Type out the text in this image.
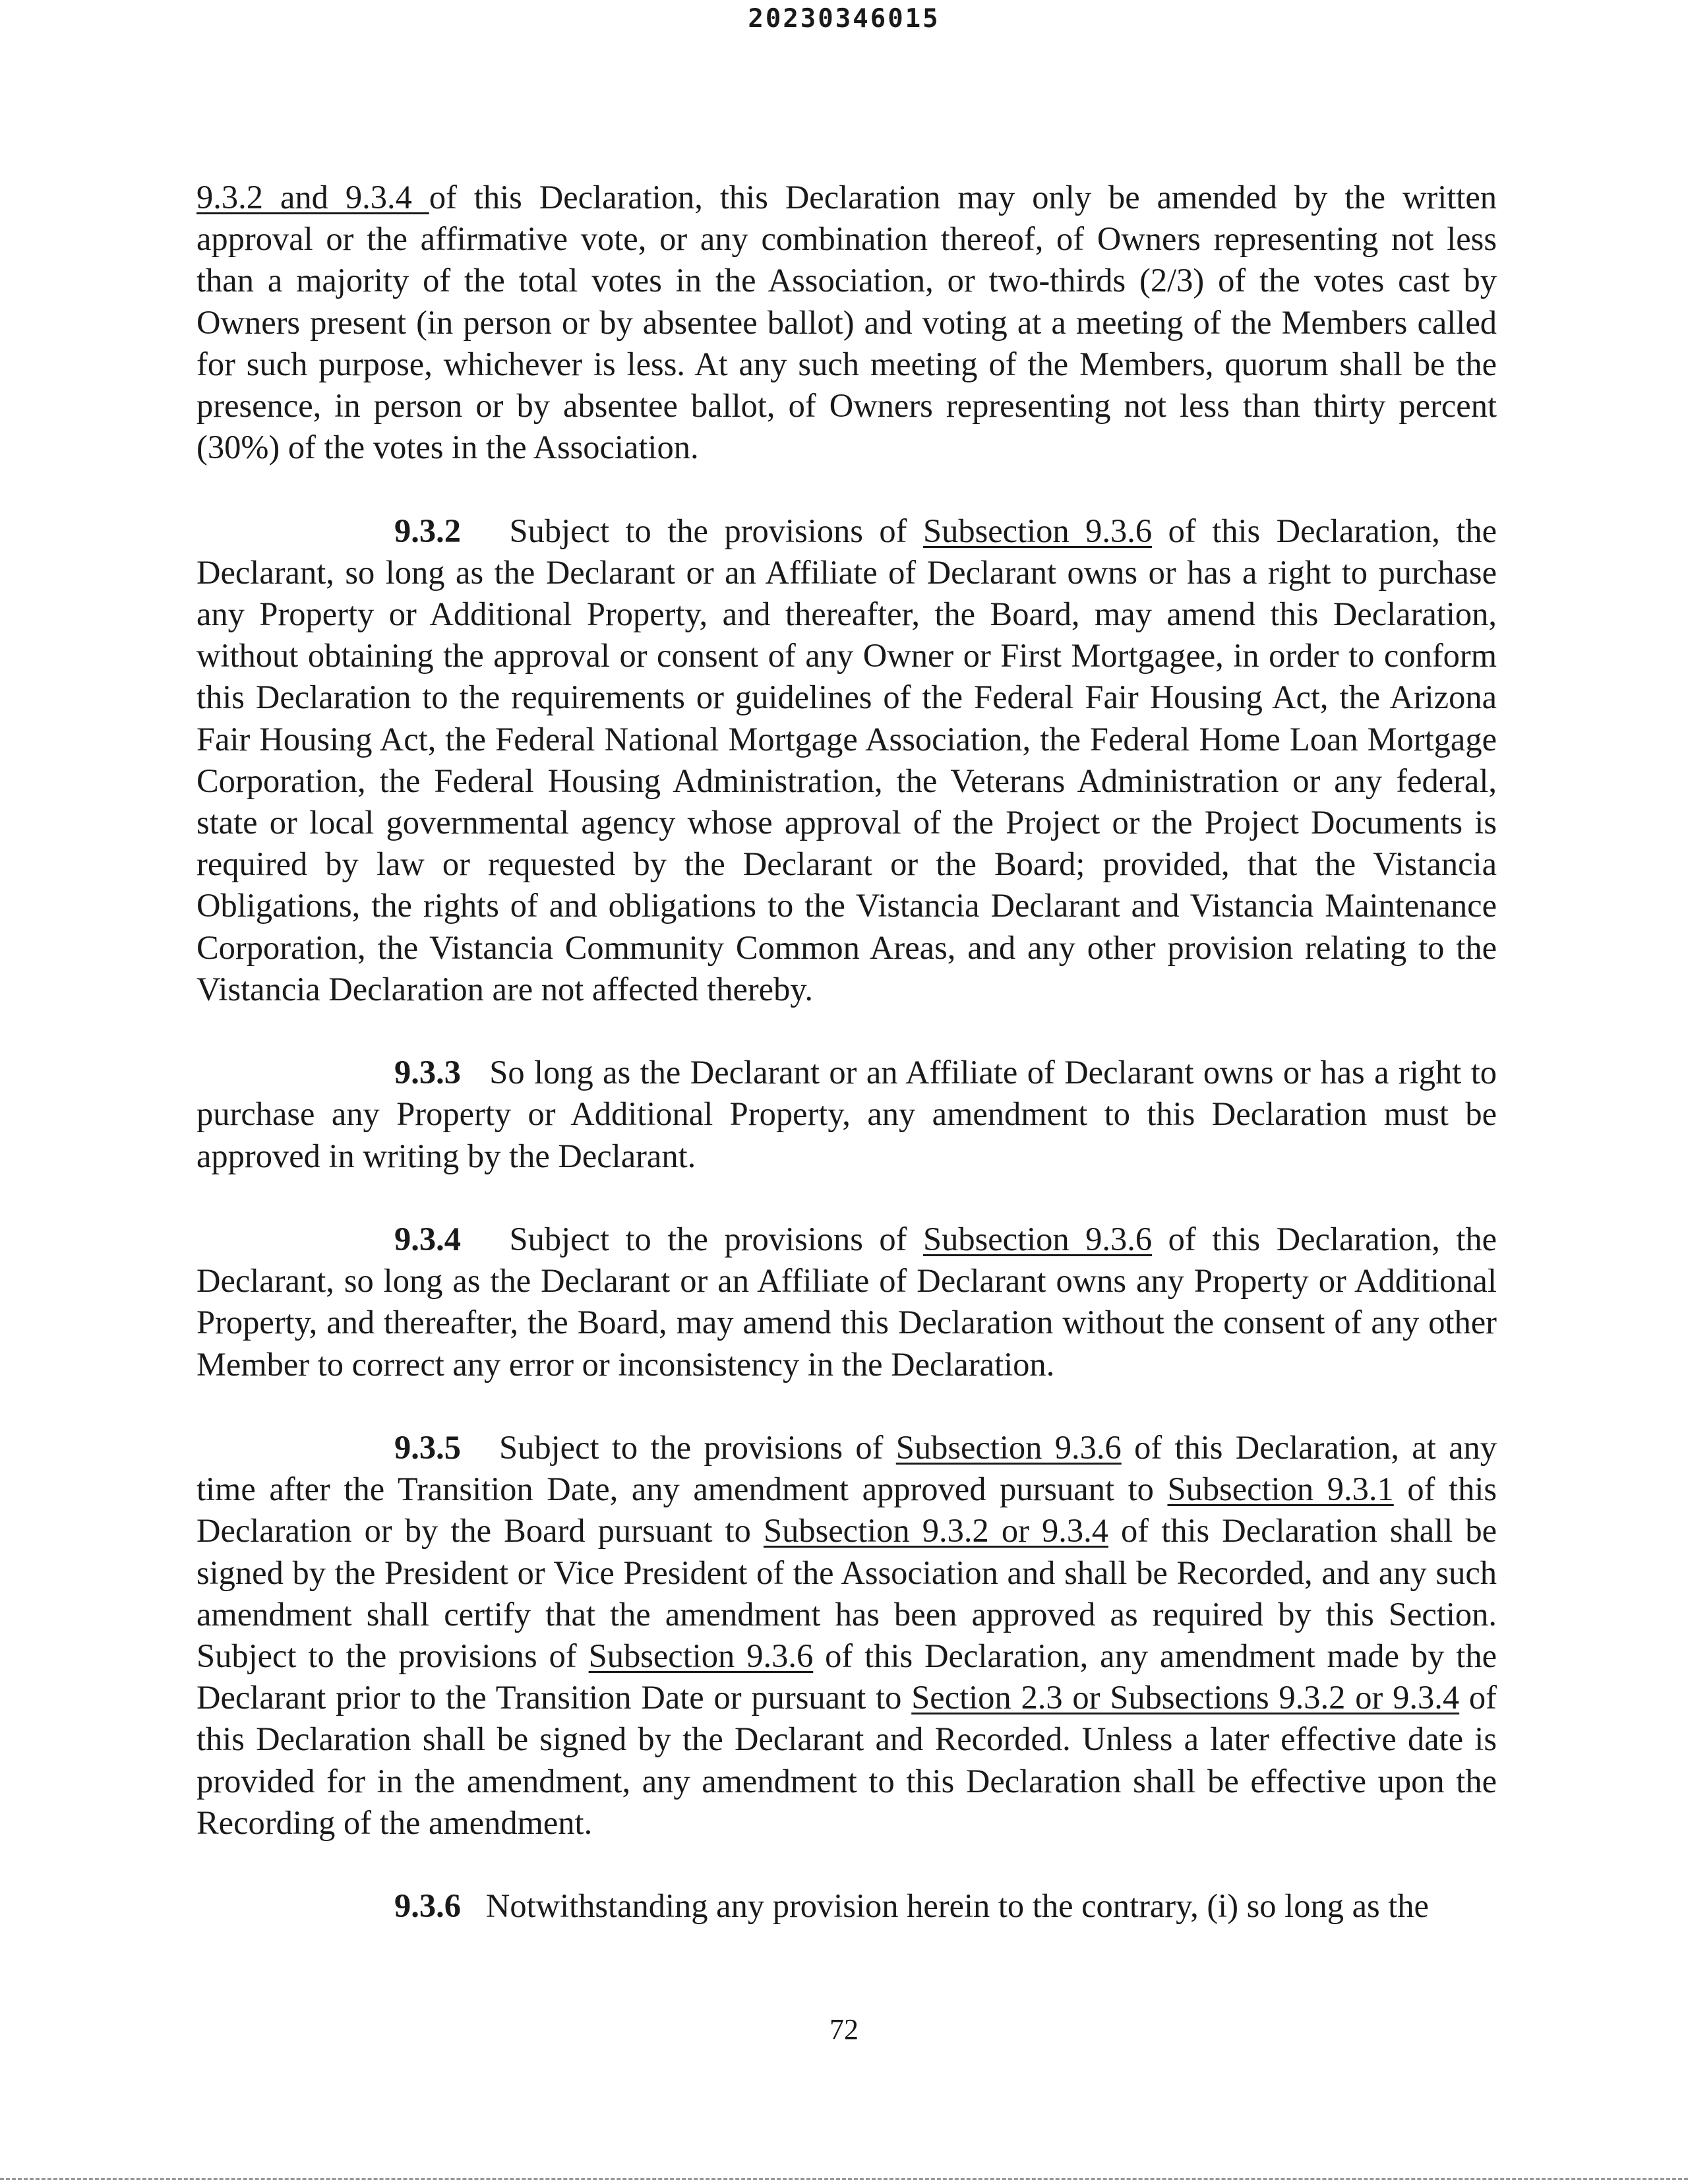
20230346015

9.3.2 and 9.3.4 of this Declaration, this Declaration may only be amended by the written approval or the affirmative vote, or any combination thereof, of Owners representing not less than a majority of the total votes in the Association, or two-thirds (2/3) of the votes cast by Owners present (in person or by absentee ballot) and voting at a meeting of the Members called for such purpose, whichever is less. At any such meeting of the Members, quorum shall be the presence, in person or by absentee ballot, of Owners representing not less than thirty percent (30%) of the votes in the Association.

9.3.2 Subject to the provisions of Subsection 9.3.6 of this Declaration, the Declarant, so long as the Declarant or an Affiliate of Declarant owns or has a right to purchase any Property or Additional Property, and thereafter, the Board, may amend this Declaration, without obtaining the approval or consent of any Owner or First Mortgagee, in order to conform this Declaration to the requirements or guidelines of the Federal Fair Housing Act, the Arizona Fair Housing Act, the Federal National Mortgage Association, the Federal Home Loan Mortgage Corporation, the Federal Housing Administration, the Veterans Administration or any federal, state or local governmental agency whose approval of the Project or the Project Documents is required by law or requested by the Declarant or the Board; provided, that the Vistancia Obligations, the rights of and obligations to the Vistancia Declarant and Vistancia Maintenance Corporation, the Vistancia Community Common Areas, and any other provision relating to the Vistancia Declaration are not affected thereby.

9.3.3 So long as the Declarant or an Affiliate of Declarant owns or has a right to purchase any Property or Additional Property, any amendment to this Declaration must be approved in writing by the Declarant.

9.3.4 Subject to the provisions of Subsection 9.3.6 of this Declaration, the Declarant, so long as the Declarant or an Affiliate of Declarant owns any Property or Additional Property, and thereafter, the Board, may amend this Declaration without the consent of any other Member to correct any error or inconsistency in the Declaration.

9.3.5 Subject to the provisions of Subsection 9.3.6 of this Declaration, at any time after the Transition Date, any amendment approved pursuant to Subsection 9.3.1 of this Declaration or by the Board pursuant to Subsection 9.3.2 or 9.3.4 of this Declaration shall be signed by the President or Vice President of the Association and shall be Recorded, and any such amendment shall certify that the amendment has been approved as required by this Section. Subject to the provisions of Subsection 9.3.6 of this Declaration, any amendment made by the Declarant prior to the Transition Date or pursuant to Section 2.3 or Subsections 9.3.2 or 9.3.4 of this Declaration shall be signed by the Declarant and Recorded. Unless a later effective date is provided for in the amendment, any amendment to this Declaration shall be effective upon the Recording of the amendment.

9.3.6 Notwithstanding any provision herein to the contrary, (i) so long as the

72
